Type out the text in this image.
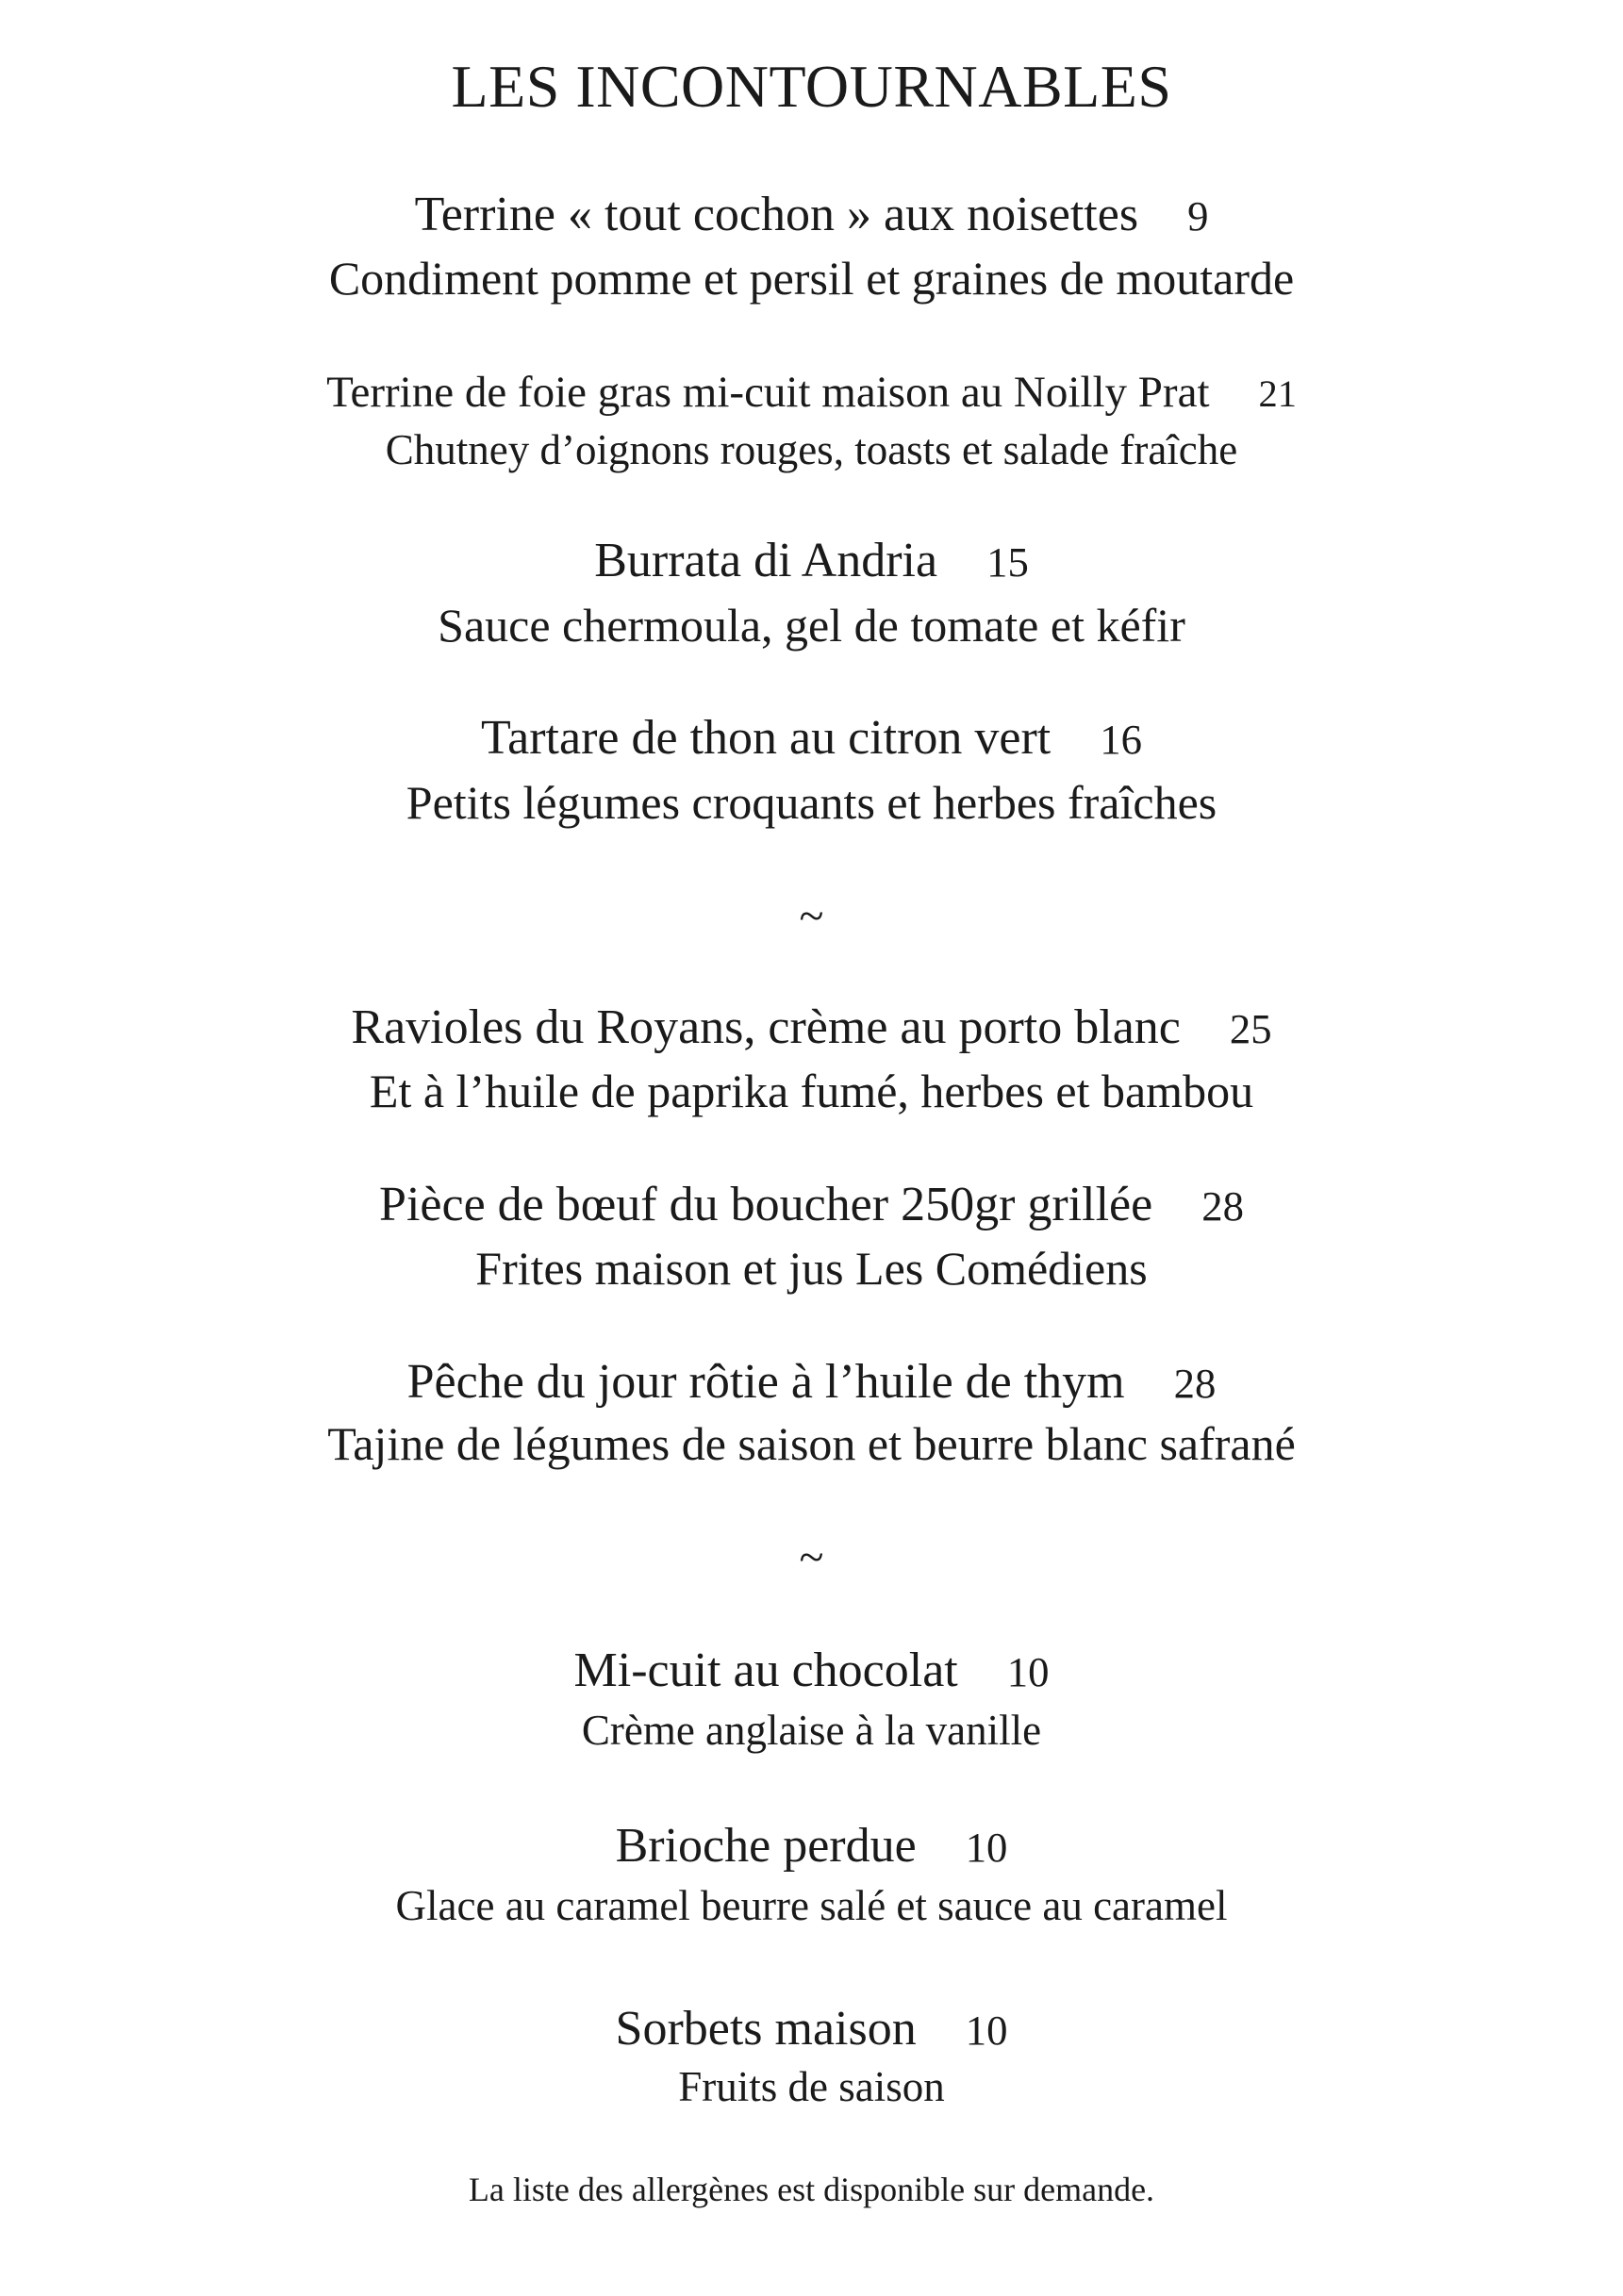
LES INCONTOURNABLES
Terrine « tout cochon » aux noisettes 9
Condiment pomme et persil et graines de moutarde
Terrine de foie gras mi-cuit maison au Noilly Prat 21
Chutney d’oignons rouges, toasts et salade fraîche
Burrata di Andria 15
Sauce chermoula, gel de tomate et kéfir
Tartare de thon au citron vert 16
Petits légumes croquants et herbes fraîches
~
Ravioles du Royans, crème au porto blanc 25
Et à l’huile de paprika fumé, herbes et bambou
Pièce de bœuf du boucher 250gr grillée 28
Frites maison et jus Les Comédiens
Pêche du jour rôtie à l’huile de thym 28
Tajine de légumes de saison et beurre blanc safrané
~
Mi-cuit au chocolat 10
Crème anglaise à la vanille
Brioche perdue 10
Glace au caramel beurre salé et sauce au caramel
Sorbets maison 10
Fruits de saison
La liste des allergènes est disponible sur demande.
